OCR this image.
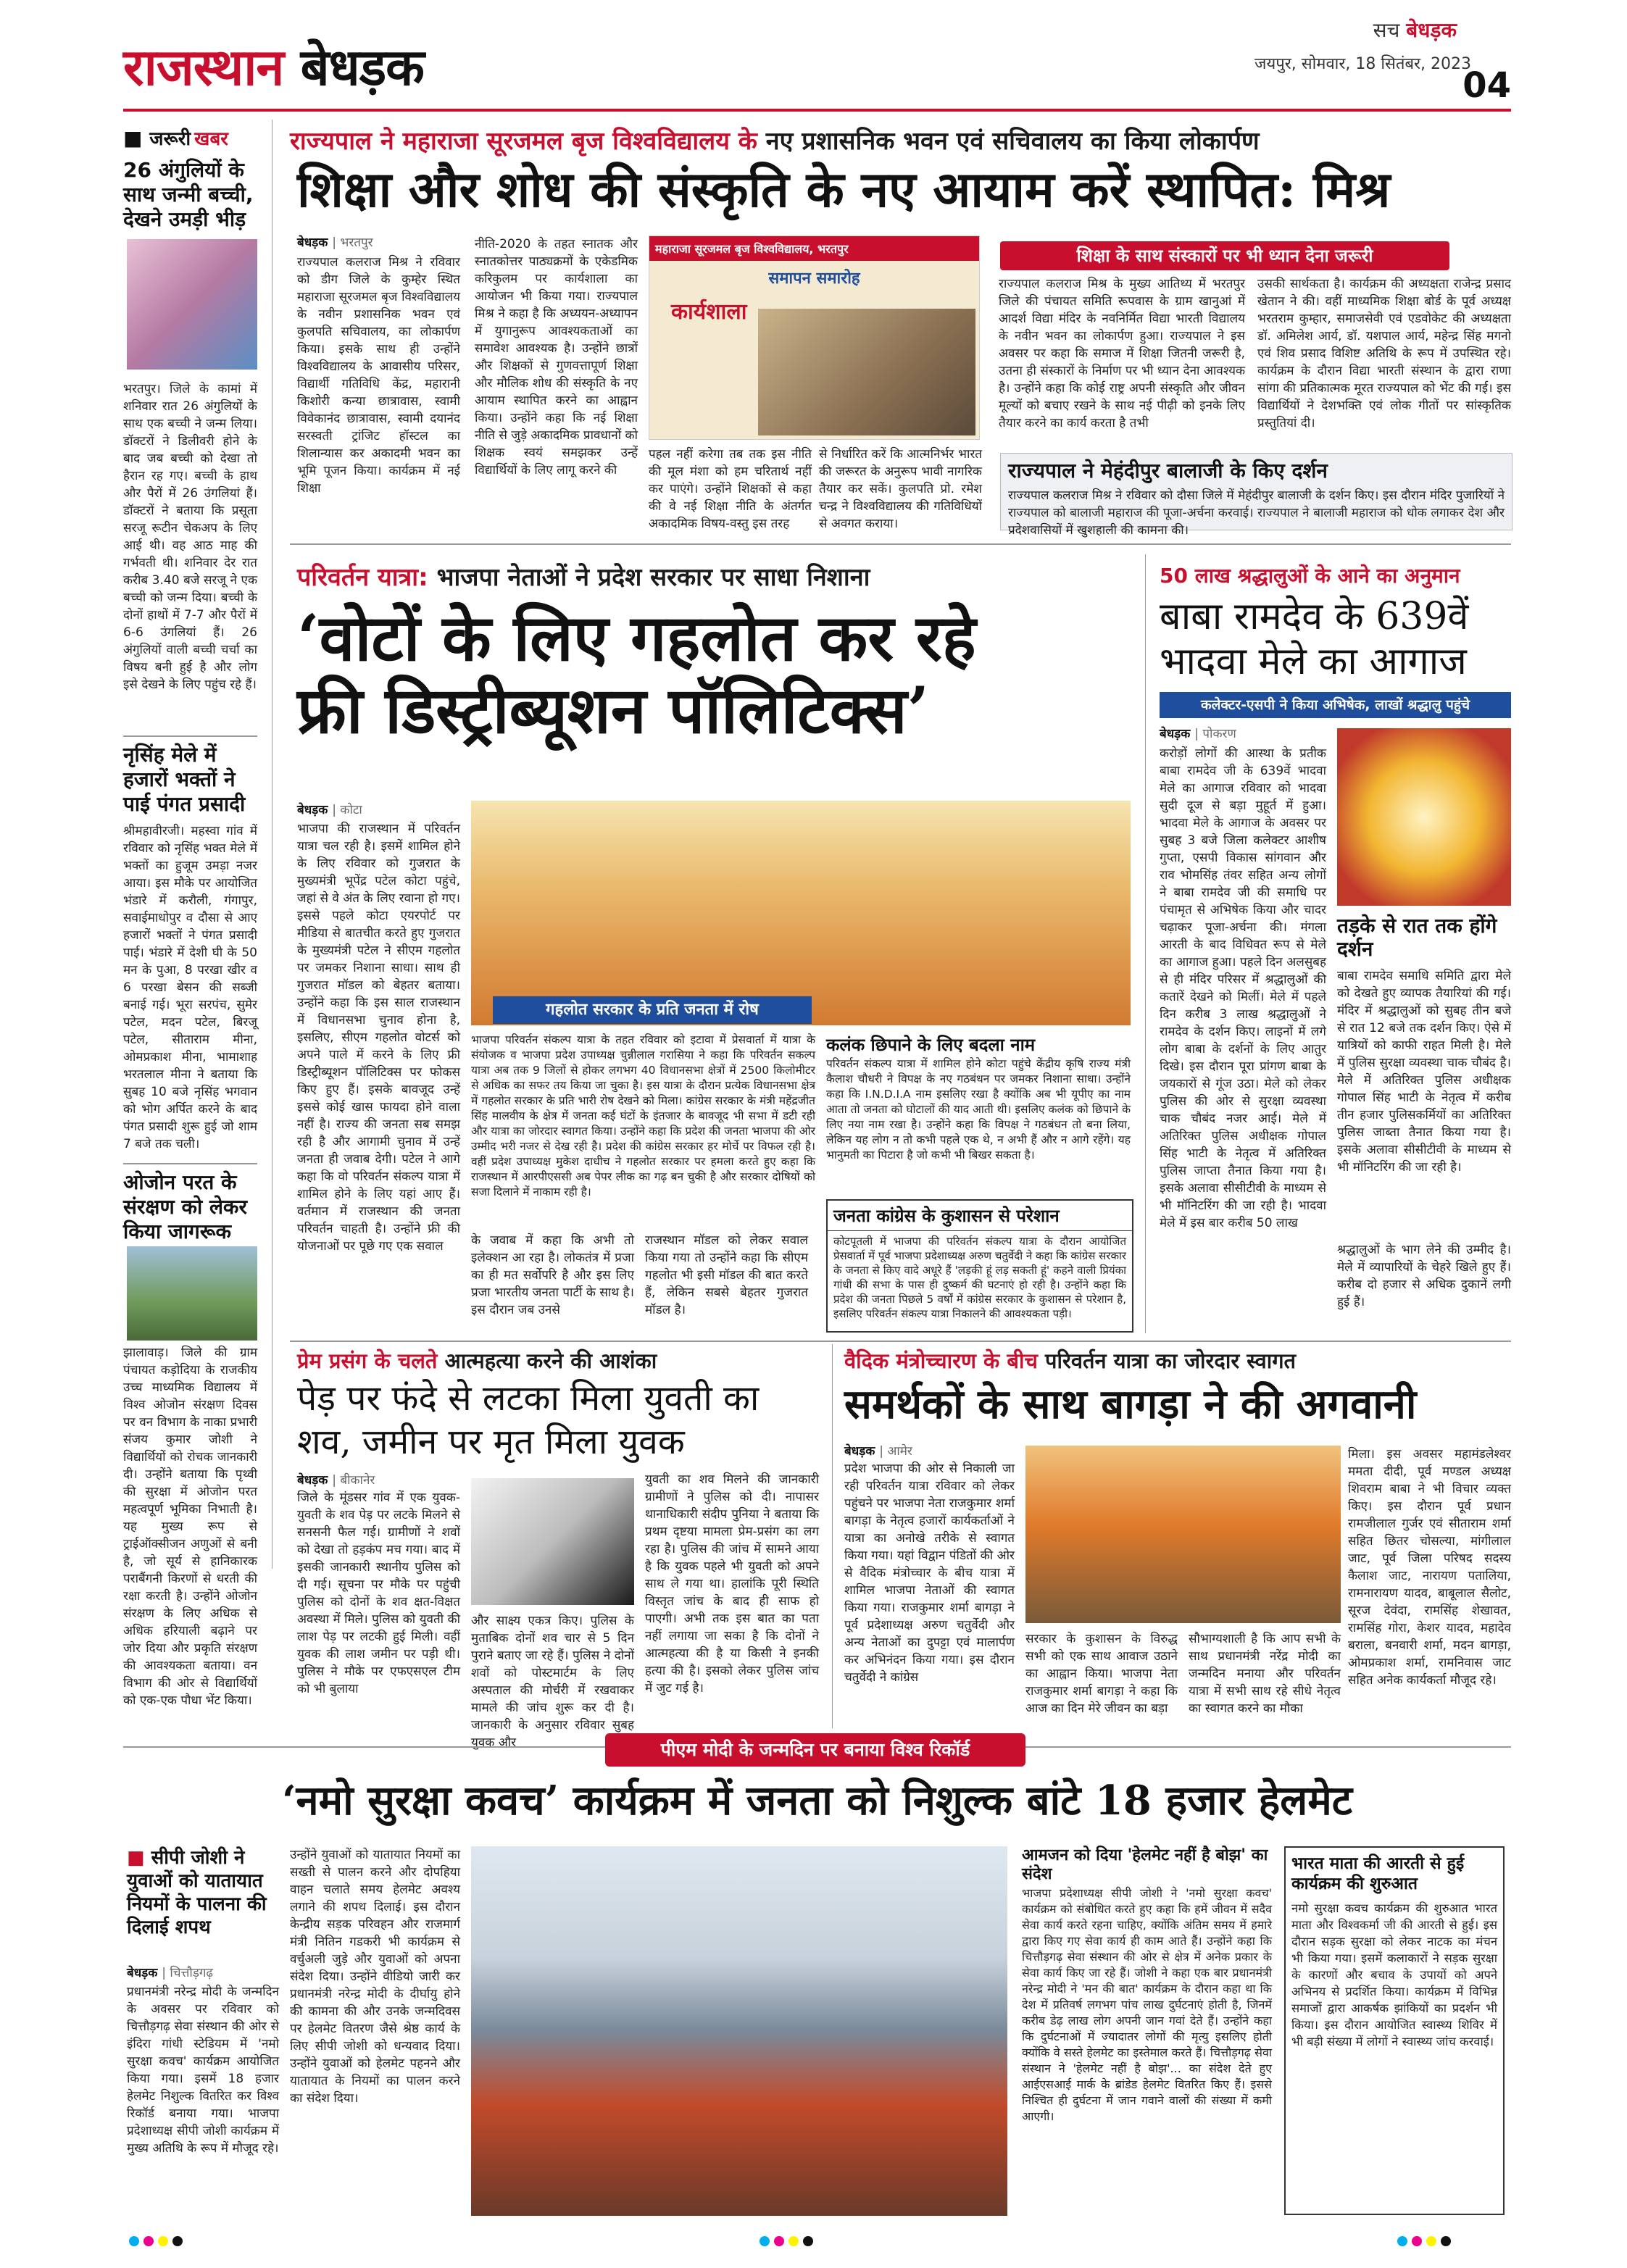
राजस्थान बेधड़क
सच बेधड़क
जयपुर, सोमवार, 18 सितंबर, 2023
04
■ जरूरी खबर
26 अंगुलियों के साथ जन्मी बच्ची, देखने उमड़ी भीड़
भरतपुर। जिले के कामां में शनिवार रात 26 अंगुलियों के साथ एक बच्ची ने जन्म लिया। डॉक्टरों ने डिलीवरी होने के बाद जब बच्ची को देखा तो हैरान रह गए। बच्ची के हाथ और पैरों में 26 उंगलियां हैं। डॉक्टरों ने बताया कि प्रसूता सरजू रूटीन चेकअप के लिए आई थी। वह आठ माह की गर्भवती थी। शनिवार देर रात करीब 3.40 बजे सरजू ने एक बच्ची को जन्म दिया। बच्ची के दोनों हाथों में 7-7 और पैरों में 6-6 उंगलियां हैं। 26 अंगुलियों वाली बच्ची चर्चा का विषय बनी हुई है और लोग इसे देखने के लिए पहुंच रहे हैं।
नृसिंह मेले में हजारों भक्तों ने पाई पंगत प्रसादी
श्रीमहावीरजी। महस्वा गांव में रविवार को नृसिंह भक्त मेले में भक्तों का हुजूम उमड़ा नजर आया। इस मौके पर आयोजित भंडारे में करौली, गंगापुर, सवाईमाधोपुर व दौसा से आए हजारों भक्तों ने पंगत प्रसादी पाई। भंडारे में देशी घी के 50 मन के पुआ, 8 परखा खीर व 6 परखा बेसन की सब्जी बनाई गई। भूरा सरपंच, सुमेर पटेल, मदन पटेल, बिरजू पटेल, सीताराम मीना, ओमप्रकाश मीना, भामाशाह भरतलाल मीना ने बताया कि सुबह 10 बजे नृसिंह भगवान को भोग अर्पित करने के बाद पंगत प्रसादी शुरू हुई जो शाम 7 बजे तक चली।
ओजोन परत के संरक्षण को लेकर किया जागरूक
झालावाड़। जिले की ग्राम पंचायत कड़ोदिया के राजकीय उच्च माध्यमिक विद्यालय में विश्व ओजोन संरक्षण दिवस पर वन विभाग के नाका प्रभारी संजय कुमार जोशी ने विद्यार्थियों को रोचक जानकारी दी। उन्होंने बताया कि पृथ्वी की सुरक्षा में ओजोन परत महत्वपूर्ण भूमिका निभाती है। यह मुख्य रूप से ट्राईऑक्सीजन अणुओं से बनी है, जो सूर्य से हानिकारक पराबैंगनी किरणों से धरती की रक्षा करती है। उन्होंने ओजोन संरक्षण के लिए अधिक से अधिक हरियाली बढ़ाने पर जोर दिया और प्रकृति संरक्षण की आवश्यकता बताया। वन विभाग की ओर से विद्यार्थियों को एक-एक पौधा भेंट किया।
राज्यपाल ने महाराजा सूरजमल बृज विश्वविद्यालय के नए प्रशासनिक भवन एवं सचिवालय का किया लोकार्पण
शिक्षा और शोध की संस्कृति के नए आयाम करें स्थापित: मिश्र
बेधड़क | भरतपुर
राज्यपाल कलराज मिश्र ने रविवार को डीग जिले के कुम्हेर स्थित महाराजा सूरजमल बृज विश्वविद्यालय के नवीन प्रशासनिक भवन एवं कुलपति सचिवालय, का लोकार्पण किया। इसके साथ ही उन्होंने विश्वविद्यालय के आवासीय परिसर, विद्यार्थी गतिविधि केंद्र, महारानी किशोरी कन्या छात्रावास, स्वामी विवेकानंद छात्रावास, स्वामी दयानंद सरस्वती ट्रांजिट हॉस्टल का शिलान्यास कर अकादमी भवन का भूमि पूजन किया। कार्यक्रम में नई शिक्षा
नीति-2020 के तहत स्नातक और स्नातकोत्तर पाठ्यक्रमों के एकेडमिक करिकुलम पर कार्यशाला का आयोजन भी किया गया। राज्यपाल मिश्र ने कहा है कि अध्ययन-अध्यापन में युगानुरूप आवश्यकताओं का समावेश आवश्यक है। उन्होंने छात्रों और शिक्षकों से गुणवत्तापूर्ण शिक्षा और मौलिक शोध की संस्कृति के नए आयाम स्थापित करने का आह्वान किया। उन्होंने कहा कि नई शिक्षा नीति से जुड़े अकादमिक प्रावधानों को शिक्षक स्वयं समझकर उन्हें विद्यार्थियों के लिए लागू करने की
महाराजा सूरजमल बृज विश्वविद्यालय, भरतपुर
समापन समारोह
कार्यशाला
पहल नहीं करेगा तब तक इस नीति की मूल मंशा को हम चरितार्थ नहीं कर पाएंगे। उन्होंने शिक्षकों से कहा की वे नई शिक्षा नीति के अंतर्गत अकादमिक विषय-वस्तु इस तरह
से निर्धारित करें कि आत्मनिर्भर भारत की जरूरत के अनुरूप भावी नागरिक तैयार कर सकें। कुलपति प्रो. रमेश चन्द्र ने विश्वविद्यालय की गतिविधियों से अवगत कराया।
शिक्षा के साथ संस्कारों पर भी ध्यान देना जरूरी
राज्यपाल कलराज मिश्र के मुख्य आतिथ्य में भरतपुर जिले की पंचायत समिति रूपवास के ग्राम खानुआं में आदर्श विद्या मंदिर के नवनिर्मित विद्या भारती विद्यालय के नवीन भवन का लोकार्पण हुआ। राज्यपाल ने इस अवसर पर कहा कि समाज में शिक्षा जितनी जरूरी है, उतना ही संस्कारों के निर्माण पर भी ध्यान देना आवश्यक है। उन्होंने कहा कि कोई राष्ट्र अपनी संस्कृति और जीवन मूल्यों को बचाए रखने के साथ नई पीढ़ी को इनके लिए तैयार करने का कार्य करता है तभी
उसकी सार्थकता है। कार्यक्रम की अध्यक्षता राजेन्द्र प्रसाद खेतान ने की। वहीं माध्यमिक शिक्षा बोर्ड के पूर्व अध्यक्ष भरतराम कुम्हार, समाजसेवी एवं एडवोकेट की अध्यक्षता डॉ. अमिलेश आर्य, डॉ. यशपाल आर्य, महेन्द्र सिंह मगनो एवं शिव प्रसाद विशिष्ट अतिथि के रूप में उपस्थित रहे। कार्यक्रम के दौरान विद्या भारती संस्थान के द्वारा राणा सांगा की प्रतिकात्मक मूरत राज्यपाल को भेंट की गई। इस विद्यार्थियों ने देशभक्ति एवं लोक गीतों पर सांस्कृतिक प्रस्तुतियां दी।
राज्यपाल ने मेहंदीपुर बालाजी के किए दर्शन
राज्यपाल कलराज मिश्र ने रविवार को दौसा जिले में मेहंदीपुर बालाजी के दर्शन किए। इस दौरान मंदिर पुजारियों ने राज्यपाल को बालाजी महाराज की पूजा-अर्चना करवाई। राज्यपाल ने बालाजी महाराज को धोक लगाकर देश और प्रदेशवासियों में खुशहाली की कामना की।
परिवर्तन यात्रा: भाजपा नेताओं ने प्रदेश सरकार पर साधा निशाना
‘वोटों के लिए गहलोत कर रहे
फ्री डिस्ट्रीब्यूशन पॉलिटिक्स’
बेधड़क | कोटा
भाजपा की राजस्थान में परिवर्तन यात्रा चल रही है। इसमें शामिल होने के लिए रविवार को गुजरात के मुख्यमंत्री भूपेंद्र पटेल कोटा पहुंचे, जहां से वे अंत के लिए रवाना हो गए। इससे पहले कोटा एयरपोर्ट पर मीडिया से बातचीत करते हुए गुजरात के मुख्यमंत्री पटेल ने सीएम गहलोत पर जमकर निशाना साधा। साथ ही गुजरात मॉडल को बेहतर बताया। उन्होंने कहा कि इस साल राजस्थान में विधानसभा चुनाव होना है, इसलिए, सीएम गहलोत वोटर्स को अपने पाले में करने के लिए फ्री डिस्ट्रीब्यूशन पॉलिटिक्स पर फोकस किए हुए हैं। इसके बावजूद उन्हें इससे कोई खास फायदा होने वाला नहीं है। राज्य की जनता सब समझ रही है और आगामी चुनाव में उन्हें जनता ही जवाब देगी। पटेल ने आगे कहा कि वो परिवर्तन संकल्प यात्रा में शामिल होने के लिए यहां आए हैं। वर्तमान में राजस्थान की जनता परिवर्तन चाहती है। उन्होंने फ्री की योजनाओं पर पूछे गए एक सवाल
गहलोत सरकार के प्रति जनता में रोष
भाजपा परिवर्तन संकल्प यात्रा के तहत रविवार को इटावा में प्रेसवार्ता में यात्रा के संयोजक व भाजपा प्रदेश उपाध्यक्ष चुन्नीलाल गरासिया ने कहा कि परिवर्तन सकल्प यात्रा अब तक 9 जिलों से होकर लगभग 40 विधानसभा क्षेत्रों में 2500 किलोमीटर से अधिक का सफर तय किया जा चुका है। इस यात्रा के दौरान प्रत्येक विधानसभा क्षेत्र में गहलोत सरकार के प्रति भारी रोष देखने को मिला। कांग्रेस सरकार के मंत्री महेंद्रजीत सिंह मालवीय के क्षेत्र में जनता कई घंटों के इंतजार के बावजूद भी सभा में डटी रही और यात्रा का जोरदार स्वागत किया। उन्होंने कहा कि प्रदेश की जनता भाजपा की ओर उम्मीद भरी नजर से देख रही है। प्रदेश की कांग्रेस सरकार हर मोर्चे पर विफल रही है। वहीं प्रदेश उपाध्यक्ष मुकेश दाधीच ने गहलोत सरकार पर हमला करते हुए कहा कि राजस्थान में आरपीएससी अब पेपर लीक का गढ़ बन चुकी है और सरकार दोषियों को सजा दिलाने में नाकाम रही है।
कलंक छिपाने के लिए बदला नाम
परिवर्तन संकल्प यात्रा में शामिल होने कोटा पहुंचे केंद्रीय कृषि राज्य मंत्री कैलाश चौधरी ने विपक्ष के नए गठबंधन पर जमकर निशाना साधा। उन्होंने कहा कि I.N.D.I.A नाम इसलिए रखा है क्योंकि अब भी यूपीए का नाम आता तो जनता को घोटालों की याद आती थी। इसलिए कलंक को छिपाने के लिए नया नाम रखा है। उन्होंने कहा कि विपक्ष ने गठबंधन तो बना लिया, लेकिन यह लोग न तो कभी पहले एक थे, न अभी हैं और न आगे रहेंगे। यह भानुमती का पिटारा है जो कभी भी बिखर सकता है।
के जवाब में कहा कि अभी तो इलेक्शन आ रहा है। लोकतंत्र में प्रजा का ही मत सर्वोपरि है और इस लिए प्रजा भारतीय जनता पार्टी के साथ है। इस दौरान जब उनसे
राजस्थान मॉडल को लेकर सवाल किया गया तो उन्होंने कहा कि सीएम गहलोत भी इसी मॉडल की बात करते हैं, लेकिन सबसे बेहतर गुजरात मॉडल है।
जनता कांग्रेस के कुशासन से परेशान
कोटपूतली में भाजपा की परिवर्तन संकल्प यात्रा के दौरान आयोजित प्रेसवार्ता में पूर्व भाजपा प्रदेशाध्यक्ष अरुण चतुर्वेदी ने कहा कि कांग्रेस सरकार के जनता से किए वादे अधूरे हैं 'लड़की हूं लड़ सकती हूं' कहने वाली प्रियंका गांधी की सभा के पास ही दुष्कर्म की घटनाएं हो रही है। उन्होंने कहा कि प्रदेश की जनता पिछले 5 वर्षों में कांग्रेस सरकार के कुशासन से परेशान है, इसलिए परिवर्तन संकल्प यात्रा निकालने की आवश्यकता पड़ी।
50 लाख श्रद्धालुओं के आने का अनुमान
बाबा रामदेव के 639वें भादवा मेले का आगाज
कलेक्टर-एसपी ने किया अभिषेक, लाखों श्रद्धालु पहुंचे
बेधड़क | पोकरण
करोड़ों लोगों की आस्था के प्रतीक बाबा रामदेव जी के 639वें भादवा मेले का आगाज रविवार को भादवा सुदी दूज से बड़ा मुहूर्त में हुआ। भादवा मेले के आगाज के अवसर पर सुबह 3 बजे जिला कलेक्टर आशीष गुप्ता, एसपी विकास सांगवान और राव भोमसिंह तंवर सहित अन्य लोगों ने बाबा रामदेव जी की समाधि पर पंचामृत से अभिषेक किया और चादर चढ़ाकर पूजा-अर्चना की। मंगला आरती के बाद विधिवत रूप से मेले का आगाज हुआ। पहले दिन अलसुबह से ही मंदिर परिसर में श्रद्धालुओं की कतारें देखने को मिलीं। मेले में पहले दिन करीब 3 लाख श्रद्धालुओं ने रामदेव के दर्शन किए। लाइनों में लगे लोग बाबा के दर्शनों के लिए आतुर दिखे। इस दौरान पूरा प्रांगण बाबा के जयकारों से गूंज उठा। मेले को लेकर पुलिस की ओर से सुरक्षा व्यवस्था चाक चौबंद नजर आई। मेले में अतिरिक्त पुलिस अधीक्षक गोपाल सिंह भाटी के नेतृत्व में अतिरिक्त पुलिस जाप्ता तैनात किया गया है। इसके अलावा सीसीटीवी के माध्यम से भी मॉनिटरिंग की जा रही है। भादवा मेले में इस बार करीब 50 लाख
तड़के से रात तक होंगे दर्शन
बाबा रामदेव समाधि समिति द्वारा मेले को देखते हुए व्यापक तैयारियां की गई। मंदिर में श्रद्धालुओं को सुबह तीन बजे से रात 12 बजे तक दर्शन किए। ऐसे में यात्रियों को काफी राहत मिली है। मेले में पुलिस सुरक्षा व्यवस्था चाक चौबंद है। मेले में अतिरिक्त पुलिस अधीक्षक गोपाल सिंह भाटी के नेतृत्व में करीब तीन हजार पुलिसकर्मियों का अतिरिक्त पुलिस जाब्ता तैनात किया गया है। इसके अलावा सीसीटीवी के माध्यम से भी मॉनिटरिंग की जा रही है।
श्रद्धालुओं के भाग लेने की उम्मीद है। मेले में व्यापारियों के चेहरे खिले हुए हैं। करीब दो हजार से अधिक दुकानें लगी हुई हैं।
प्रेम प्रसंग के चलते आत्महत्या करने की आशंका
पेड़ पर फंदे से लटका मिला युवती का शव, जमीन पर मृत मिला युवक
बेधड़क | बीकानेर
जिले के मूंडसर गांव में एक युवक-युवती के शव पेड़ पर लटके मिलने से सनसनी फैल गई। ग्रामीणों ने शवों को देखा तो हड़कंप मच गया। बाद में इसकी जानकारी स्थानीय पुलिस को दी गई। सूचना पर मौके पर पहुंची पुलिस को दोनों के शव क्षत-विक्षत अवस्था में मिले। पुलिस को युवती की लाश पेड़ पर लटकी हुई मिली। वहीं युवक की लाश जमीन पर पड़ी थी। पुलिस ने मौके पर एफएसएल टीम को भी बुलाया
और साक्ष्य एकत्र किए। पुलिस के मुताबिक दोनों शव चार से 5 दिन पुराने बताए जा रहे हैं। पुलिस ने दोनों शवों को पोस्टमार्टम के लिए अस्पताल की मोर्चरी में रखवाकर मामले की जांच शुरू कर दी है। जानकारी के अनुसार रविवार सुबह युवक और
युवती का शव मिलने की जानकारी ग्रामीणों ने पुलिस को दी। नापासर थानाधिकारी संदीप पुनिया ने बताया कि प्रथम दृष्टया मामला प्रेम-प्रसंग का लग रहा है। पुलिस की जांच में सामने आया है कि युवक पहले भी युवती को अपने साथ ले गया था। हालांकि पूरी स्थिति विस्तृत जांच के बाद ही साफ हो पाएगी। अभी तक इस बात का पता नहीं लगाया जा सका है कि दोनों ने आत्महत्या की है या किसी ने इनकी हत्या की है। इसको लेकर पुलिस जांच में जुट गई है।
वैदिक मंत्रोच्चारण के बीच परिवर्तन यात्रा का जोरदार स्वागत
समर्थकों के साथ बागड़ा ने की अगवानी
बेधड़क | आमेर
प्रदेश भाजपा की ओर से निकाली जा रही परिवर्तन यात्रा रविवार को लेकर पहुंचने पर भाजपा नेता राजकुमार शर्मा बागड़ा के नेतृत्व हजारों कार्यकर्ताओं ने यात्रा का अनोखे तरीके से स्वागत किया गया। यहां विद्वान पंडितों की ओर से वैदिक मंत्रोच्चार के बीच यात्रा में शामिल भाजपा नेताओं की स्वागत किया गया। राजकुमार शर्मा बागड़ा ने पूर्व प्रदेशाध्यक्ष अरुण चतुर्वेदी और अन्य नेताओं का दुपट्टा एवं मालार्पण कर अभिनंदन किया गया। इस दौरान चतुर्वेदी ने कांग्रेस
सरकार के कुशासन के विरुद्ध सभी को एक साथ आवाज उठाने का आह्वान किया। भाजपा नेता राजकुमार शर्मा बागड़ा ने कहा कि आज का दिन मेरे जीवन का बड़ा
सौभाग्यशाली है कि आप सभी के साथ प्रधानमंत्री नरेंद्र मोदी का जन्मदिन मनाया और परिवर्तन यात्रा में सभी साथ रहे सीधे नेतृत्व का स्वागत करने का मौका
मिला। इस अवसर महामंडलेश्वर ममता दीदी, पूर्व मण्डल अध्यक्ष शिवराम बाबा ने भी विचार व्यक्त किए। इस दौरान पूर्व प्रधान रामजीलाल गुर्जर एवं सीताराम शर्मा सहित छितर चोसल्या, मांगीलाल जाट, पूर्व जिला परिषद सदस्य कैलाश जाट, नारायण पतालिया, रामनारायण यादव, बाबूलाल सैलोट, सूरज देवंदा, रामसिंह शेखावत, रामसिंह गोरा, केशर यादव, महादेव बराला, बनवारी शर्मा, मदन बागड़ा, ओमप्रकाश शर्मा, रामनिवास जाट सहित अनेक कार्यकर्ता मौजूद रहे।
पीएम मोदी के जन्मदिन पर बनाया विश्व रिकॉर्ड
‘नमो सुरक्षा कवच’ कार्यक्रम में जनता को निशुल्क बांटे 18 हजार हेलमेट
■ सीपी जोशी ने युवाओं को यातायात नियमों के पालना की दिलाई शपथ
बेधड़क | चित्तौड़गढ़
प्रधानमंत्री नरेन्द्र मोदी के जन्मदिन के अवसर पर रविवार को चित्तौड़गढ़ सेवा संस्थान की ओर से इंदिरा गांधी स्टेडियम में 'नमो सुरक्षा कवच' कार्यक्रम आयोजित किया गया। इसमें 18 हजार हेलमेट निशुल्क वितरित कर विश्व रिकॉर्ड बनाया गया। भाजपा प्रदेशाध्यक्ष सीपी जोशी कार्यक्रम में मुख्य अतिथि के रूप में मौजूद रहे।
उन्होंने युवाओं को यातायात नियमों का सख्ती से पालन करने और दोपहिया वाहन चलाते समय हेलमेट अवश्य लगाने की शपथ दिलाई। इस दौरान केन्द्रीय सड़क परिवहन और राजमार्ग मंत्री नितिन गडकरी भी कार्यक्रम से वर्चुअली जुड़े और युवाओं को अपना संदेश दिया। उन्होंने वीडियो जारी कर प्रधानमंत्री नरेन्द्र मोदी के दीर्घायु होने की कामना की और उनके जन्मदिवस पर हेलमेट वितरण जैसे श्रेष्ठ कार्य के लिए सीपी जोशी को धन्यवाद दिया। उन्होंने युवाओं को हेलमेट पहनने और यातायात के नियमों का पालन करने का संदेश दिया।
आमजन को दिया 'हेलमेट नहीं है बोझ' का संदेश
भाजपा प्रदेशाध्यक्ष सीपी जोशी ने 'नमो सुरक्षा कवच' कार्यक्रम को संबोधित करते हुए कहा कि हमें जीवन में सदैव सेवा कार्य करते रहना चाहिए, क्योंकि अंतिम समय में हमारे द्वारा किए गए सेवा कार्य ही काम आते हैं। उन्होंने कहा कि चित्तौड़गढ़ सेवा संस्थान की ओर से क्षेत्र में अनेक प्रकार के सेवा कार्य किए जा रहे हैं। जोशी ने कहा एक बार प्रधानमंत्री नरेन्द्र मोदी ने 'मन की बात' कार्यक्रम के दौरान कहा था कि देश में प्रतिवर्ष लगभग पांच लाख दुर्घटनाएं होती है, जिनमें करीब डेढ़ लाख लोग अपनी जान गवां देते हैं। उन्होंने कहा कि दुर्घटनाओं में ज्यादातर लोगों की मृत्यु इसलिए होती क्योंकि वे सस्ते हेलमेट का इस्तेमाल करते हैं। चित्तौड़गढ़ सेवा संस्थान ने 'हेलमेट नहीं है बोझ'... का संदेश देते हुए आईएसआई मार्क के ब्रांडेड हेलमेट वितरित किए हैं। इससे निश्चित ही दुर्घटना में जान गवाने वालों की संख्या में कमी आएगी।
भारत माता की आरती से हुई कार्यक्रम की शुरुआत
नमो सुरक्षा कवच कार्यक्रम की शुरुआत भारत माता और विश्वकर्मा जी की आरती से हुई। इस दौरान सड़क सुरक्षा को लेकर नाटक का मंचन भी किया गया। इसमें कलाकारों ने सड़क सुरक्षा के कारणों और बचाव के उपायों को अपने अभिनय से प्रदर्शित किया। कार्यक्रम में विभिन्न समाजों द्वारा आकर्षक झांकियों का प्रदर्शन भी किया। इस दौरान आयोजित स्वास्थ्य शिविर में भी बड़ी संख्या में लोगों ने स्वास्थ्य जांच करवाई।
